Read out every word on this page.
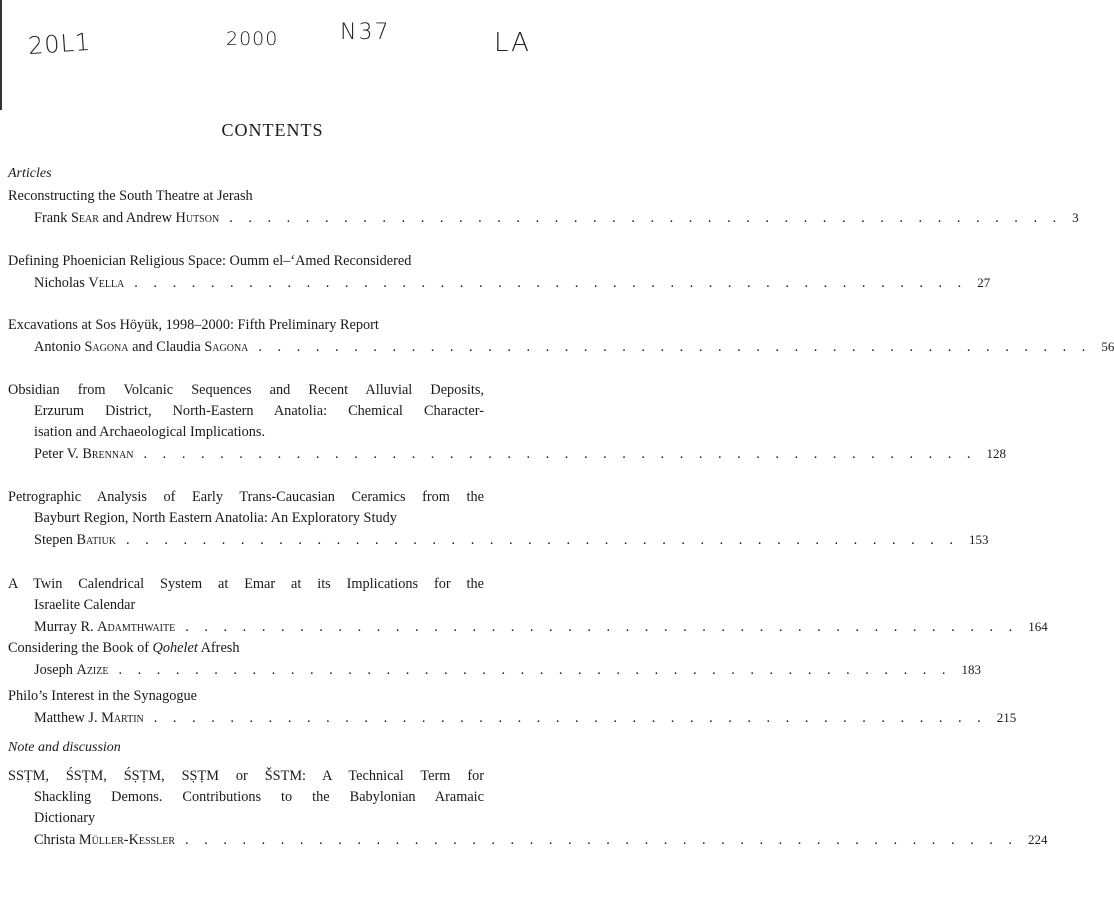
20L1	2000	N37	LA
CONTENTS
Articles
Reconstructing the South Theatre at Jerash
Frank Sear and Andrew Hutson . . . . . . . . . . . . . . . . . . . . . . . . . . . . . . . . . . . . . . . . . . . . 3
Defining Phoenician Religious Space: Oumm el–‘Amed Reconsidered
Nicholas Vella . . . . . . . . . . . . . . . . . . . . . . . . . . . . . . . . . . . . . . . . . . . . 27
Excavations at Sos Höyük, 1998–2000: Fifth Preliminary Report
Antonio Sagona and Claudia Sagona . . . . . . . . . . . . . . . . . . . . . . . . . . . . . . . . . . . . . . . . . . . . 56
Obsidian from Volcanic Sequences and Recent Alluvial Deposits,
Erzurum District, North-Eastern Anatolia: Chemical Character-
isation and Archaeological Implications.
Peter V. Brennan . . . . . . . . . . . . . . . . . . . . . . . . . . . . . . . . . . . . . . . . . . . . 128
Petrographic Analysis of Early Trans-Caucasian Ceramics from the
Bayburt Region, North Eastern Anatolia: An Exploratory Study
Stepen Batiuk . . . . . . . . . . . . . . . . . . . . . . . . . . . . . . . . . . . . . . . . . . . . 153
A Twin Calendrical System at Emar at its Implications for the
Israelite Calendar
Murray R. Adamthwaite . . . . . . . . . . . . . . . . . . . . . . . . . . . . . . . . . . . . . . . . . . . . 164
Considering the Book of Qohelet Afresh
Joseph Azize . . . . . . . . . . . . . . . . . . . . . . . . . . . . . . . . . . . . . . . . . . . . 183
Philo’s Interest in the Synagogue
Matthew J. Martin . . . . . . . . . . . . . . . . . . . . . . . . . . . . . . . . . . . . . . . . . . . . 215
Note and discussion
SSṬM, ŚSṬM, ŚṢṬM, SṢṬM or ŠSTM: A Technical Term for
Shackling Demons. Contributions to the Babylonian Aramaic
Dictionary
Christa Müller-Kessler . . . . . . . . . . . . . . . . . . . . . . . . . . . . . . . . . . . . . . . . . . . . 224
